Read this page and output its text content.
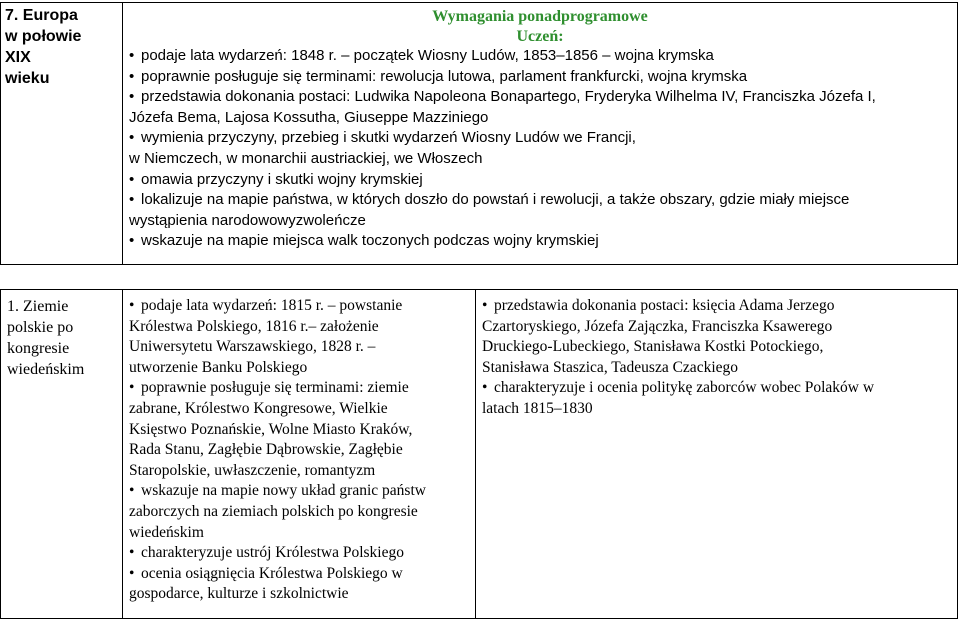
7. Europa
w połowie
XIX
wieku
Wymagania ponadprogramowe
Uczeń:
• podaje lata wydarzeń: 1848 r. – początek Wiosny Ludów, 1853–1856 – wojna krymska
• poprawnie posługuje się terminami: rewolucja lutowa, parlament frankfurcki, wojna krymska
• przedstawia dokonania postaci: Ludwika Napoleona Bonapartego, Fryderyka Wilhelma IV, Franciszka Józefa I,
Józefa Bema, Lajosa Kossutha, Giuseppe Mazziniego
• wymienia przyczyny, przebieg i skutki wydarzeń Wiosny Ludów we Francji,
w Niemczech, w monarchii austriackiej, we Włoszech
• omawia przyczyny i skutki wojny krymskiej
• lokalizuje na mapie państwa, w których doszło do powstań i rewolucji, a także obszary, gdzie miały miejsce
wystąpienia narodowowyzwoleńcze
• wskazuje na mapie miejsca walk toczonych podczas wojny krymskiej
1. Ziemie
polskie po
kongresie
wiedeńskim
• podaje lata wydarzeń: 1815 r. – powstanie
Królestwa Polskiego, 1816 r.– założenie
Uniwersytetu Warszawskiego, 1828 r. –
utworzenie Banku Polskiego
• poprawnie posługuje się terminami: ziemie
zabrane, Królestwo Kongresowe, Wielkie
Księstwo Poznańskie, Wolne Miasto Kraków,
Rada Stanu, Zagłębie Dąbrowskie, Zagłębie
Staropolskie, uwłaszczenie, romantyzm
• wskazuje na mapie nowy układ granic państw
zaborczych na ziemiach polskich po kongresie
wiedeńskim
• charakteryzuje ustrój Królestwa Polskiego
• ocenia osiągnięcia Królestwa Polskiego w
gospodarce, kulturze i szkolnictwie
• przedstawia dokonania postaci: księcia Adama Jerzego
Czartoryskiego, Józefa Zajączka, Franciszka Ksawerego
Druckiego-Lubeckiego, Stanisława Kostki Potockiego,
Stanisława Staszica, Tadeusza Czackiego
• charakteryzuje i ocenia politykę zaborców wobec Polaków w
latach 1815–1830
